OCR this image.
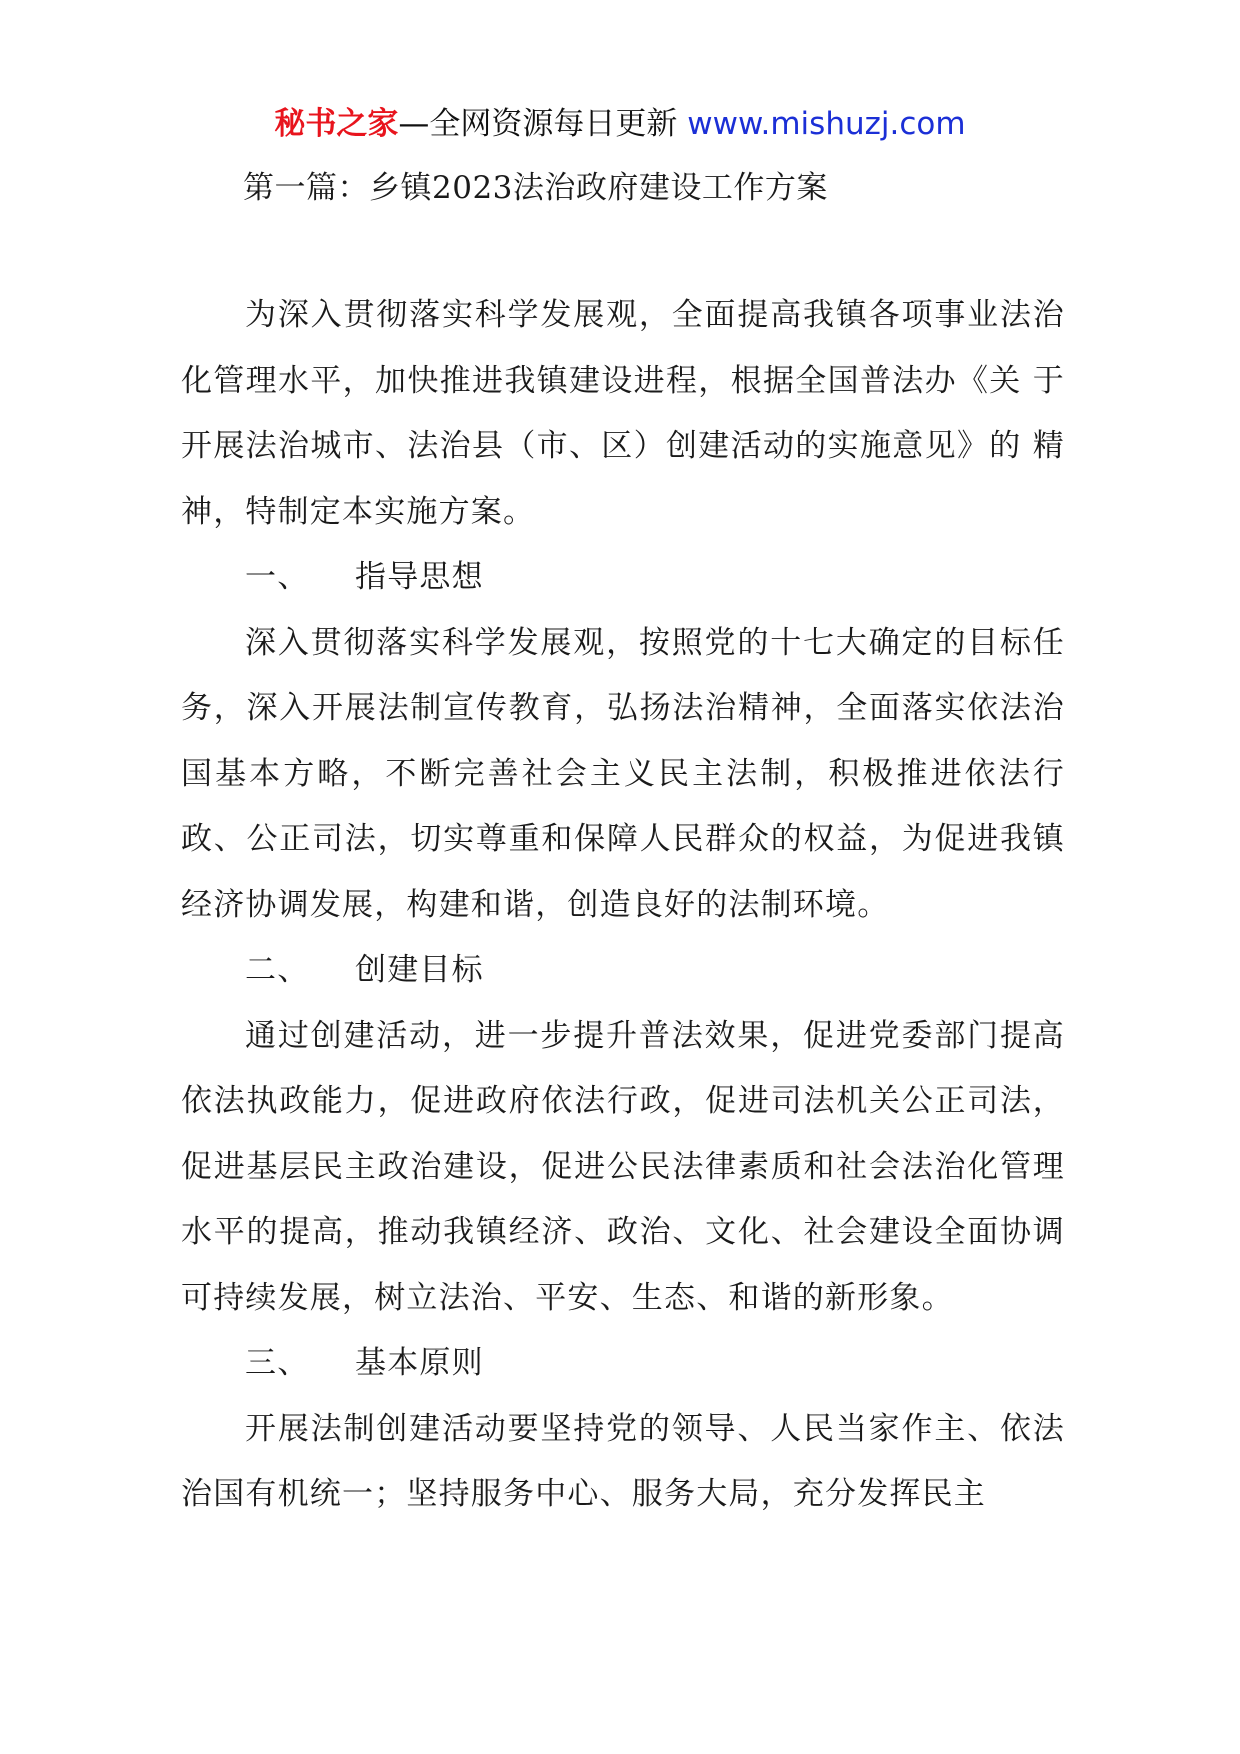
秘书之家—全网资源每日更新 www.mishuzj.com
第一篇：乡镇2023法治政府建设工作方案

为深入贯彻落实科学发展观，全面提高我镇各项事业法治化管理水平，加快推进我镇建设进程，根据全国普法办《关 于开展法治城市、法治县（市、区）创建活动的实施意见》的 精神，特制定本实施方案。

一、 指导思想

深入贯彻落实科学发展观，按照党的十七大确定的目标任务，深入开展法制宣传教育，弘扬法治精神，全面落实依法治国基本方略，不断完善社会主义民主法制，积极推进依法行政、公正司法，切实尊重和保障人民群众的权益，为促进我镇经济协调发展，构建和谐，创造良好的法制环境。

二、 创建目标

通过创建活动，进一步提升普法效果，促进党委部门提高依法执政能力，促进政府依法行政，促进司法机关公正司法，促进基层民主政治建设，促进公民法律素质和社会法治化管理水平的提高，推动我镇经济、政治、文化、社会建设全面协调可持续发展，树立法治、平安、生态、和谐的新形象。

三、 基本原则

开展法制创建活动要坚持党的领导、人民当家作主、依法治国有机统一；坚持服务中心、服务大局，充分发挥民主
